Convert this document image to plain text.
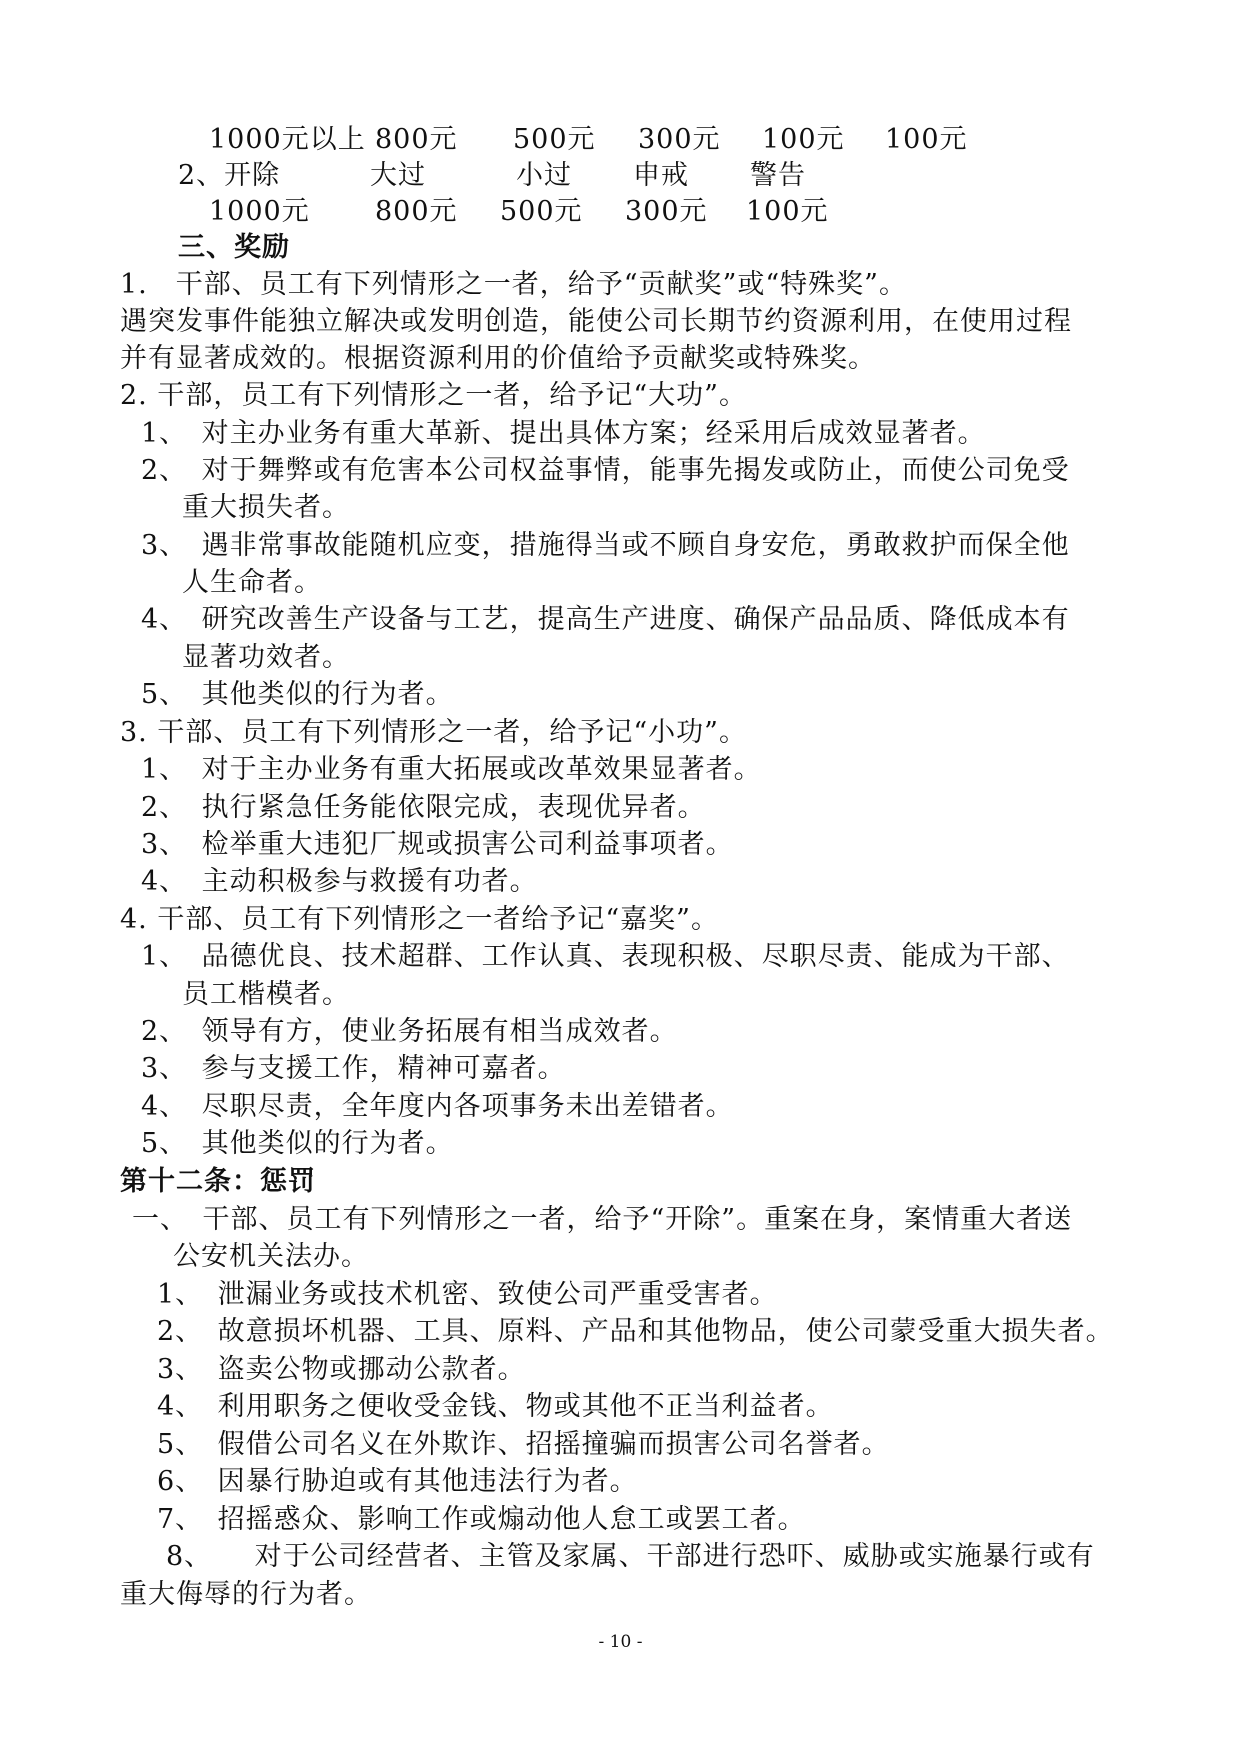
1000元以上 800元 500元 300元 100元 100元
2、开除	大过	小过 申戒 警告
1000元 800元 500元 300元 100元
三、奖励
1.　干部、员工有下列情形之一者，给予“贡献奖”或“特殊奖”。
遇突发事件能独立解决或发明创造，能使公司长期节约资源利用，在使用过程
并有显著成效的。根据资源利用的价值给予贡献奖或特殊奖。
2. 干部，员工有下列情形之一者，给予记“大功”。
1、　对主办业务有重大革新、提出具体方案；经采用后成效显著者。
2、　对于舞弊或有危害本公司权益事情，能事先揭发或防止，而使公司免受
重大损失者。
3、　遇非常事故能随机应变，措施得当或不顾自身安危，勇敢救护而保全他
人生命者。
4、　研究改善生产设备与工艺，提高生产进度、确保产品品质、降低成本有
显著功效者。
5、　其他类似的行为者。
3. 干部、员工有下列情形之一者，给予记“小功”。
1、　对于主办业务有重大拓展或改革效果显著者。
2、　执行紧急任务能依限完成，表现优异者。
3、　检举重大违犯厂规或损害公司利益事项者。
4、　主动积极参与救援有功者。
4. 干部、员工有下列情形之一者给予记“嘉奖”。
1、　品德优良、技术超群、工作认真、表现积极、尽职尽责、能成为干部、
员工楷模者。
2、　领导有方，使业务拓展有相当成效者。
3、　参与支援工作，精神可嘉者。
4、　尽职尽责，全年度内各项事务未出差错者。
5、　其他类似的行为者。
第十二条：惩罚
一、　干部、员工有下列情形之一者，给予“开除”。重案在身，案情重大者送
公安机关法办。
1、　泄漏业务或技术机密、致使公司严重受害者。
2、　故意损坏机器、工具、原料、产品和其他物品，使公司蒙受重大损失者。
3、　盗卖公物或挪动公款者。
4、　利用职务之便收受金钱、物或其他不正当利益者。
5、　假借公司名义在外欺诈、招摇撞骗而损害公司名誉者。
6、　因暴行胁迫或有其他违法行为者。
7、　招摇惑众、影响工作或煽动他人怠工或罢工者。
8、　　对于公司经营者、主管及家属、干部进行恐吓、威胁或实施暴行或有
重大侮辱的行为者。
- 10 -
